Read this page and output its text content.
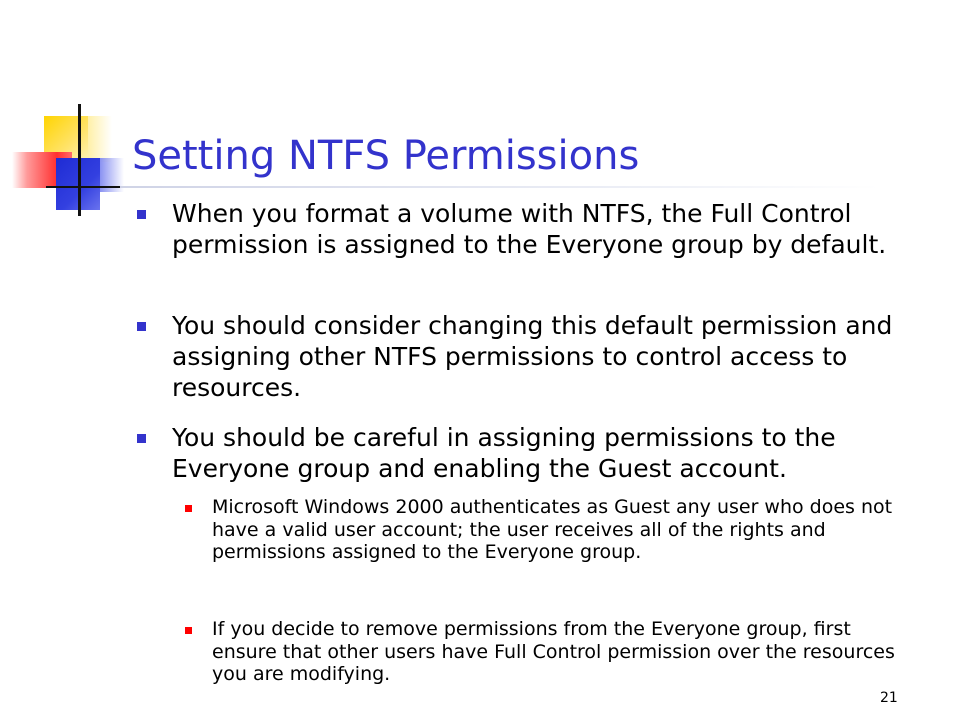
Setting NTFS Permissions
When you format a volume with NTFS, the Full Control permission is assigned to the Everyone group by default.
You should consider changing this default permission and assigning other NTFS permissions to control access to resources.
You should be careful in assigning permissions to the Everyone group and enabling the Guest account.
Microsoft Windows 2000 authenticates as Guest any user who does not have a valid user account; the user receives all of the rights and permissions assigned to the Everyone group.
If you decide to remove permissions from the Everyone group, first ensure that other users have Full Control permission over the resources you are modifying.
21
